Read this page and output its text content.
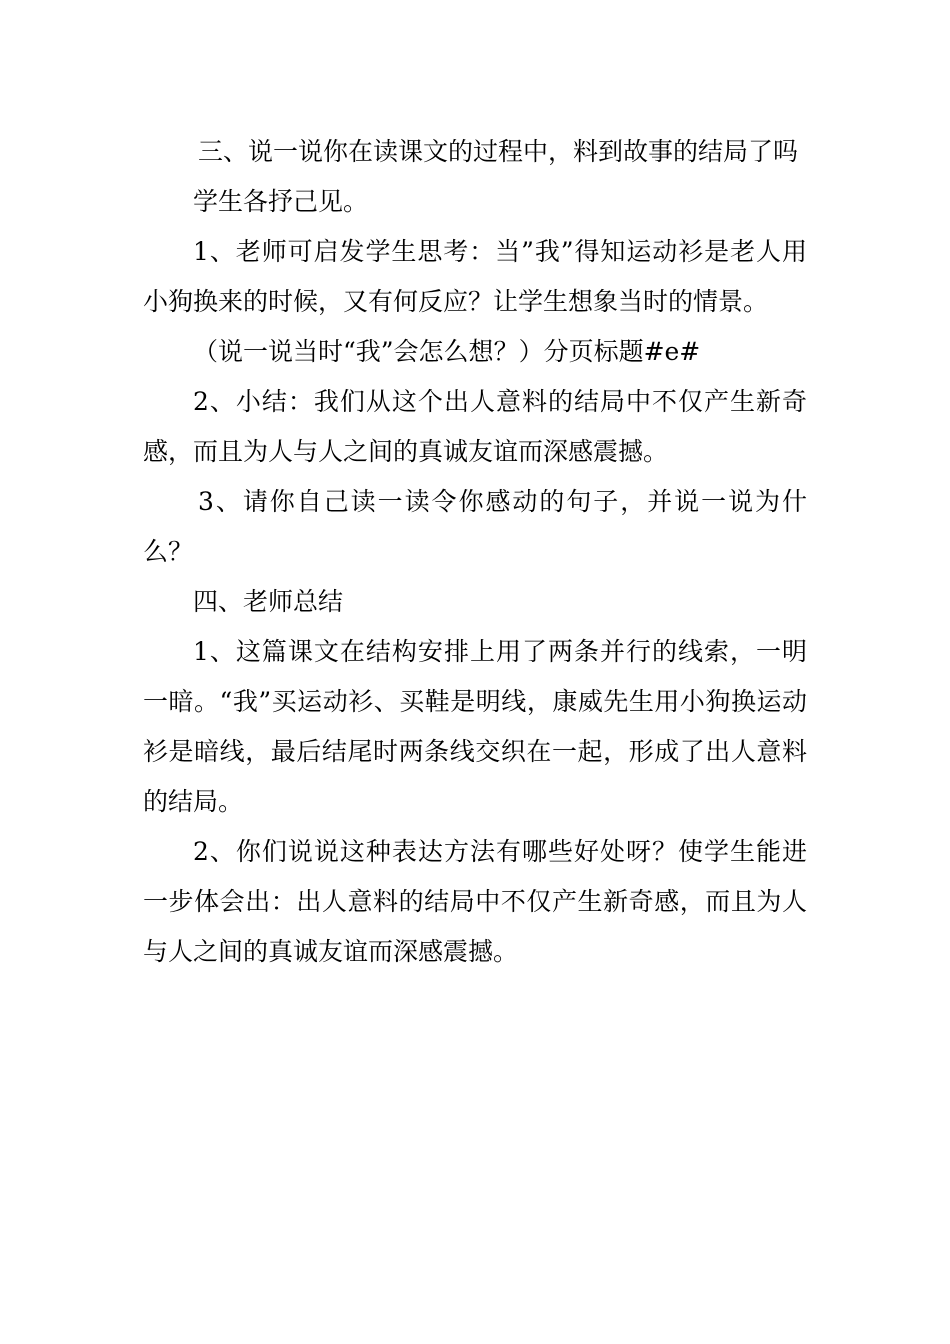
三、说一说你在读课文的过程中，料到故事的结局了吗

学生各抒己见。

1、老师可启发学生思考：当”我”得知运动衫是老人用小狗换来的时候，又有何反应？让学生想象当时的情景。

（说一说当时“我”会怎么想？）分页标题#e#

2、小结：我们从这个出人意料的结局中不仅产生新奇感，而且为人与人之间的真诚友谊而深感震撼。

3、请你自己读一读令你感动的句子，并说一说为什么？

四、老师总结

1、这篇课文在结构安排上用了两条并行的线索，一明一暗。“我”买运动衫、买鞋是明线，康威先生用小狗换运动衫是暗线，最后结尾时两条线交织在一起，形成了出人意料的结局。

2、你们说说这种表达方法有哪些好处呀？使学生能进一步体会出：出人意料的结局中不仅产生新奇感，而且为人与人之间的真诚友谊而深感震撼。
